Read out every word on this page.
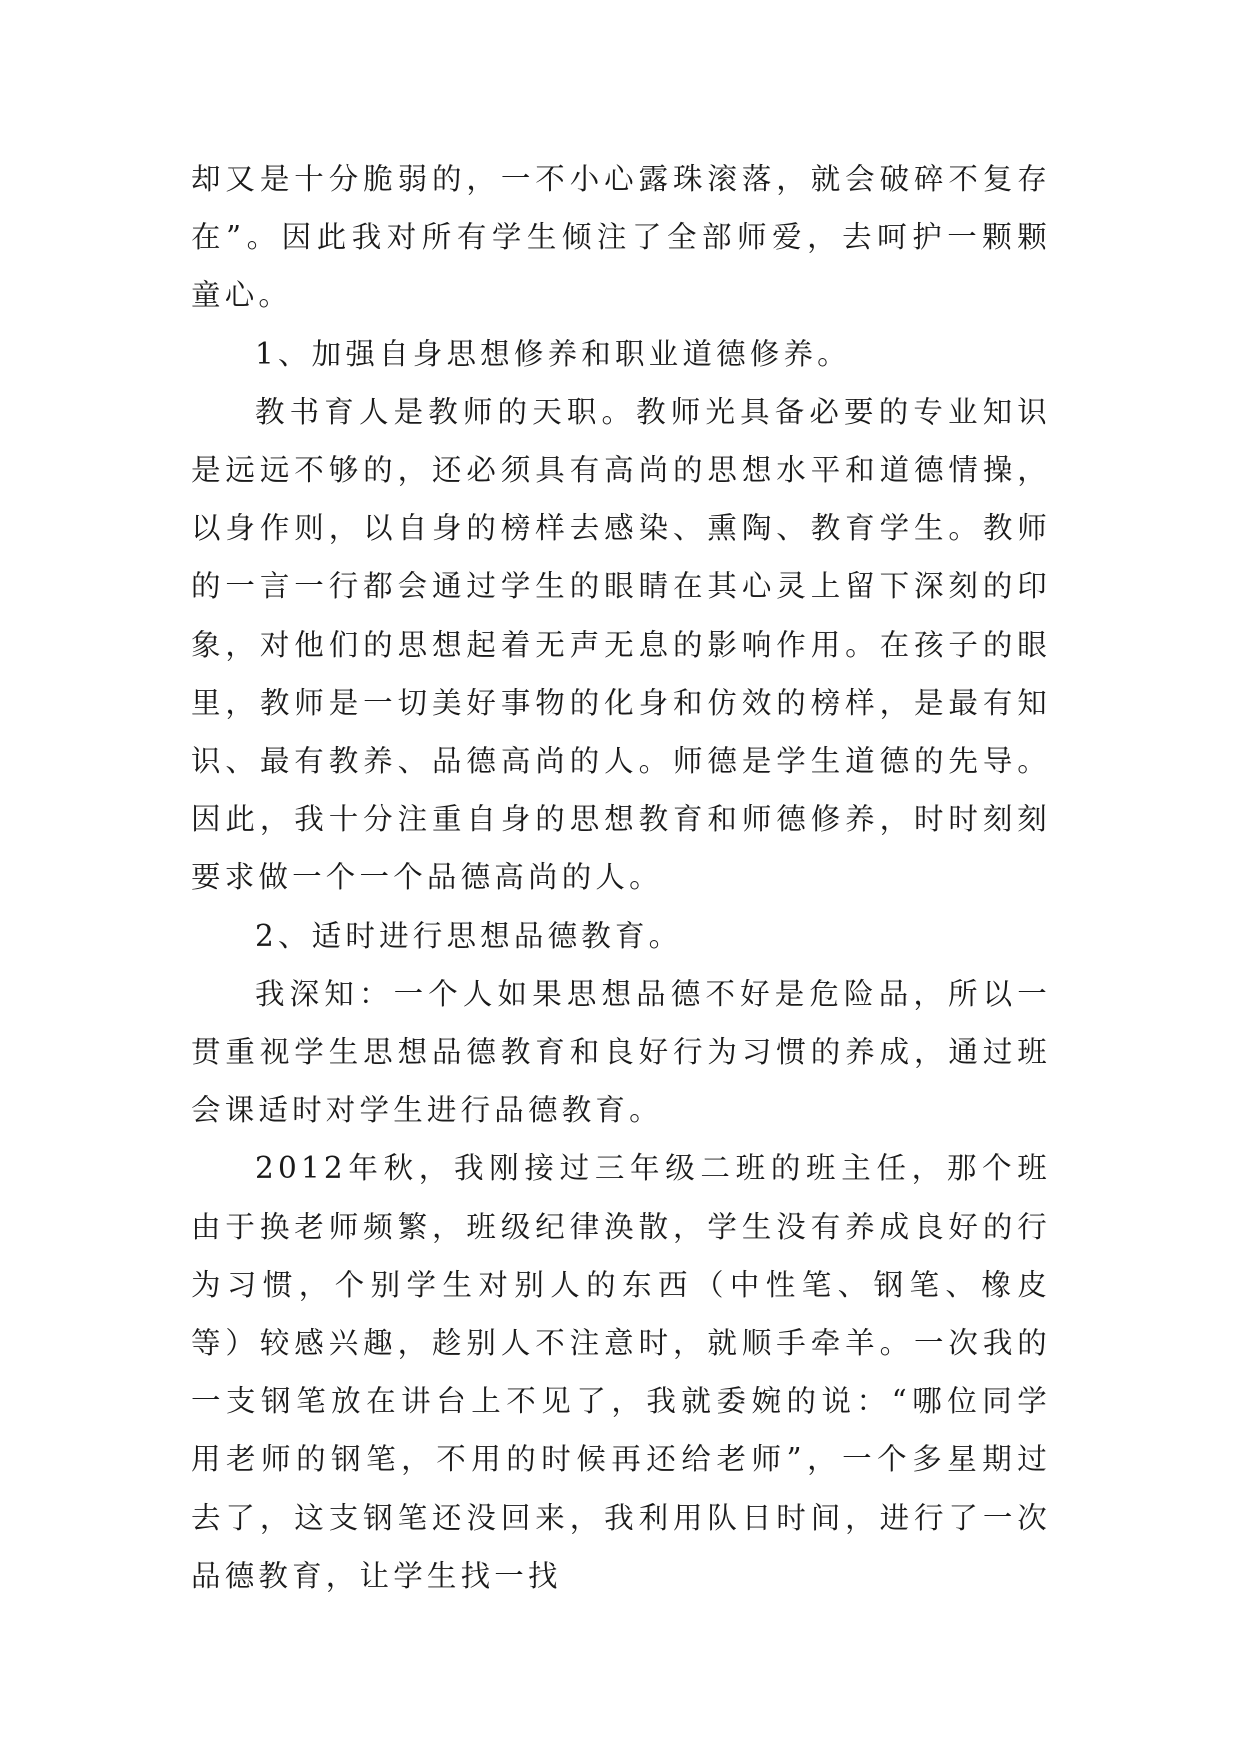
却又是十分脆弱的，一不小心露珠滚落，就会破碎不复存在”。因此我对所有学生倾注了全部师爱，去呵护一颗颗童心。

1、加强自身思想修养和职业道德修养。

教书育人是教师的天职。教师光具备必要的专业知识是远远不够的，还必须具有高尚的思想水平和道德情操，以身作则，以自身的榜样去感染、熏陶、教育学生。教师的一言一行都会通过学生的眼睛在其心灵上留下深刻的印象，对他们的思想起着无声无息的影响作用。在孩子的眼里，教师是一切美好事物的化身和仿效的榜样，是最有知识、最有教养、品德高尚的人。师德是学生道德的先导。因此，我十分注重自身的思想教育和师德修养，时时刻刻要求做一个一个品德高尚的人。

2、适时进行思想品德教育。

我深知：一个人如果思想品德不好是危险品，所以一贯重视学生思想品德教育和良好行为习惯的养成，通过班会课适时对学生进行品德教育。

2012年秋，我刚接过三年级二班的班主任，那个班由于换老师频繁，班级纪律涣散，学生没有养成良好的行为习惯，个别学生对别人的东西（中性笔、钢笔、橡皮等）较感兴趣，趁别人不注意时，就顺手牵羊。一次我的一支钢笔放在讲台上不见了，我就委婉的说：“哪位同学用老师的钢笔，不用的时候再还给老师”，一个多星期过去了，这支钢笔还没回来，我利用队日时间，进行了一次品德教育，让学生找一找
